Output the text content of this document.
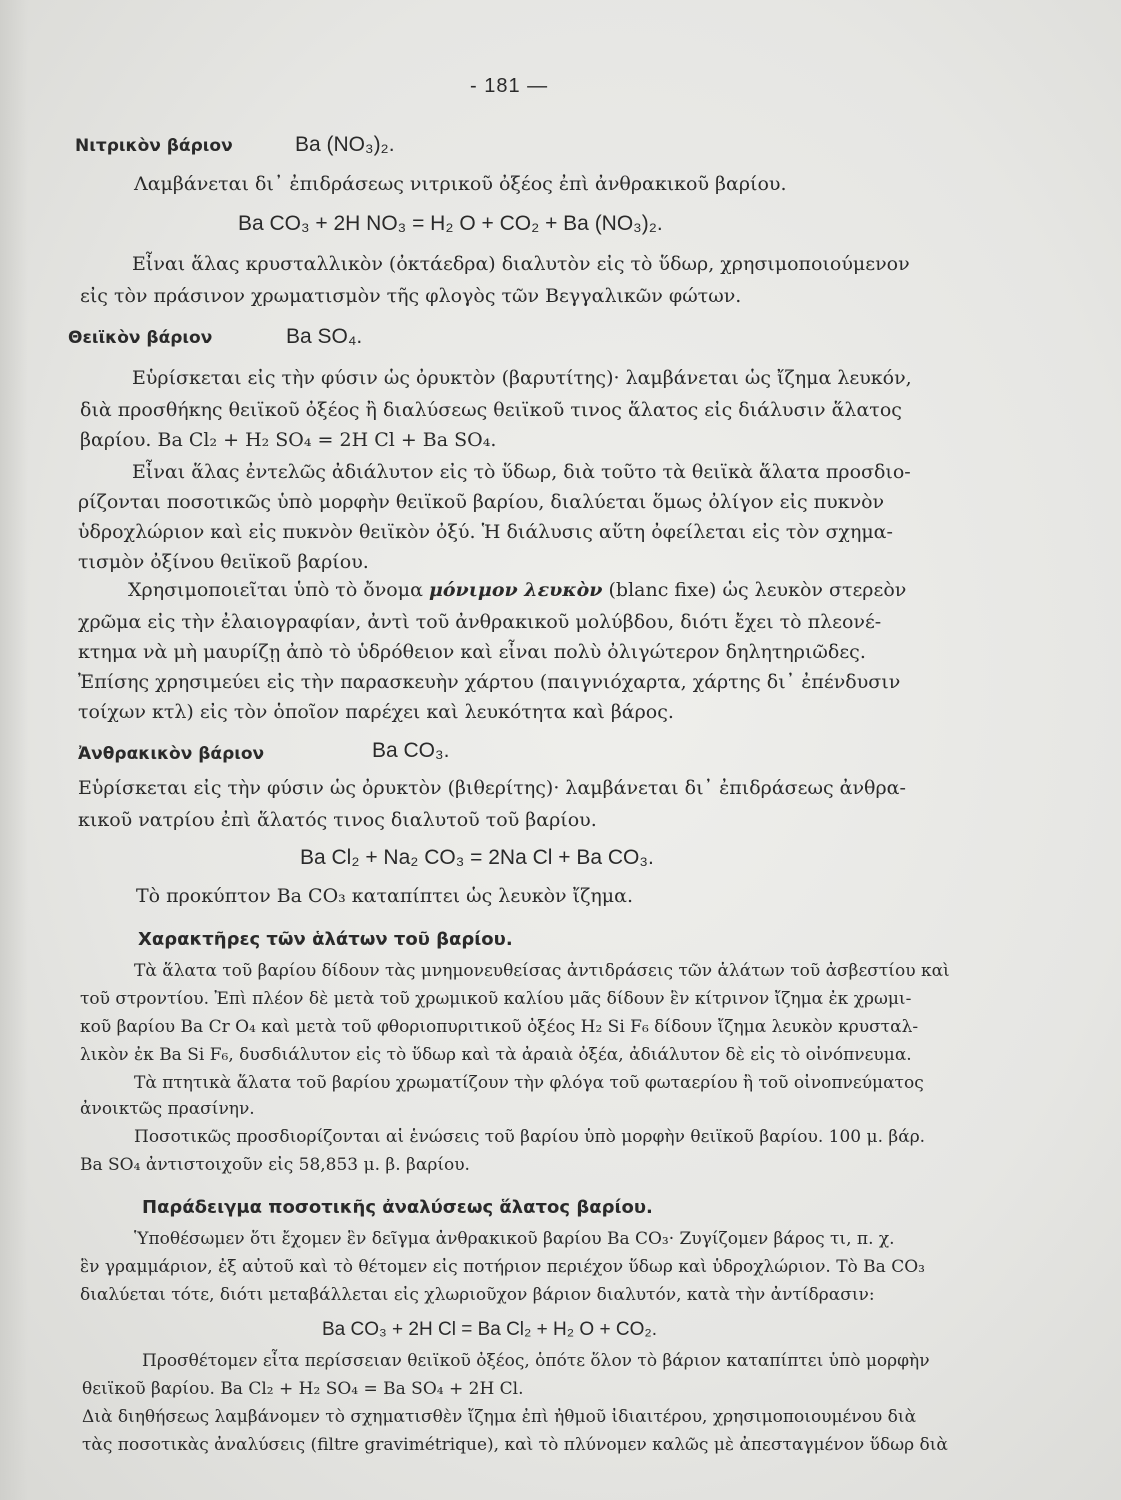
- 181 —
Νιτρικὸν βάριον	Ba (NO₃)₂.
Λαμβάνεται δι᾽ ἐπιδράσεως νιτρικοῦ ὀξέος ἐπὶ ἀνθρακικοῦ βαρίου.
Ba CO₃ + 2H NO₃ = H₂ O + CO₂ + Ba (NO₃)₂.
Εἶναι ἅλας κρυσταλλικὸν (ὀκτάεδρα) διαλυτὸν εἰς τὸ ὕδωρ, χρησιμοποιούμενον
εἰς τὸν πράσινον χρωματισμὸν τῆς φλογὸς τῶν Βεγγαλικῶν φώτων.
Θειϊκὸν βάριον	Ba SO₄.
Εὑρίσκεται εἰς τὴν φύσιν ὡς ὀρυκτὸν (βαρυτίτης)· λαμβάνεται ὡς ἴζημα λευκόν,
διὰ προσθήκης θειϊκοῦ ὀξέος ἢ διαλύσεως θειϊκοῦ τινος ἅλατος εἰς διάλυσιν ἅλατος
βαρίου. Ba Cl₂ + H₂ SO₄ = 2H Cl + Ba SO₄.
Εἶναι ἅλας ἐντελῶς ἀδιάλυτον εἰς τὸ ὕδωρ, διὰ τοῦτο τὰ θειϊκὰ ἅλατα προσδιο-
ρίζονται ποσοτικῶς ὑπὸ μορφὴν θειϊκοῦ βαρίου, διαλύεται ὅμως ὀλίγον εἰς πυκνὸν
ὑδροχλώριον καὶ εἰς πυκνὸν θειϊκὸν ὀξύ. Ἡ διάλυσις αὕτη ὀφείλεται εἰς τὸν σχημα-
τισμὸν ὀξίνου θειϊκοῦ βαρίου.
Χρησιμοποιεῖται ὑπὸ τὸ ὄνομα μόνιμον λευκὸν (blanc fixe) ὡς λευκὸν στερεὸν
χρῶμα εἰς τὴν ἐλαιογραφίαν, ἀντὶ τοῦ ἀνθρακικοῦ μολύβδου, διότι ἔχει τὸ πλεονέ-
κτημα νὰ μὴ μαυρίζῃ ἀπὸ τὸ ὑδρόθειον καὶ εἶναι πολὺ ὀλιγώτερον δηλητηριῶδες.
Ἐπίσης χρησιμεύει εἰς τὴν παρασκευὴν χάρτου (παιγνιόχαρτα, χάρτης δι᾽ ἐπένδυσιν
τοίχων κτλ) εἰς τὸν ὁποῖον παρέχει καὶ λευκότητα καὶ βάρος.
Ἀνθρακικὸν βάριον	Ba CO₃.
Εὑρίσκεται εἰς τὴν φύσιν ὡς ὀρυκτὸν (βιθερίτης)· λαμβάνεται δι᾽ ἐπιδράσεως ἀνθρα-
κικοῦ νατρίου ἐπὶ ἅλατός τινος διαλυτοῦ τοῦ βαρίου.
Ba Cl₂ + Na₂ CO₃ = 2Na Cl + Ba CO₃.
Τὸ προκύπτον Ba CO₃ καταπίπτει ὡς λευκὸν ἴζημα.
Χαρακτῆρες τῶν ἁλάτων τοῦ βαρίου.
Τὰ ἅλατα τοῦ βαρίου δίδουν τὰς μνημονευθείσας ἀντιδράσεις τῶν ἁλάτων τοῦ ἀσβεστίου καὶ
τοῦ στροντίου. Ἐπὶ πλέον δὲ μετὰ τοῦ χρωμικοῦ καλίου μᾶς δίδουν ἓν κίτρινον ἴζημα ἐκ χρωμι-
κοῦ βαρίου Ba Cr O₄ καὶ μετὰ τοῦ φθοριοπυριτικοῦ ὀξέος H₂ Si F₆ δίδουν ἴζημα λευκὸν κρυσταλ-
λικὸν ἐκ Ba Si F₆, δυσδιάλυτον εἰς τὸ ὕδωρ καὶ τὰ ἀραιὰ ὀξέα, ἀδιάλυτον δὲ εἰς τὸ οἰνόπνευμα.
Τὰ πτητικὰ ἅλατα τοῦ βαρίου χρωματίζουν τὴν φλόγα τοῦ φωταερίου ἢ τοῦ οἰνοπνεύματος
ἀνοικτῶς πρασίνην.
Ποσοτικῶς προσδιορίζονται αἱ ἑνώσεις τοῦ βαρίου ὑπὸ μορφὴν θειϊκοῦ βαρίου. 100 μ. βάρ.
Ba SO₄ ἀντιστοιχοῦν εἰς 58,853 μ. β. βαρίου.
Παράδειγμα ποσοτικῆς ἀναλύσεως ἅλατος βαρίου.
Ὑποθέσωμεν ὅτι ἔχομεν ἓν δεῖγμα ἀνθρακικοῦ βαρίου Ba CO₃· Ζυγίζομεν βάρος τι, π. χ.
ἓν γραμμάριον, ἐξ αὐτοῦ καὶ τὸ θέτομεν εἰς ποτήριον περιέχον ὕδωρ καὶ ὑδροχλώριον. Τὸ Ba CO₃
διαλύεται τότε, διότι μεταβάλλεται εἰς χλωριοῦχον βάριον διαλυτόν, κατὰ τὴν ἀντίδρασιν:
Ba CO₃ + 2H Cl = Ba Cl₂ + H₂ O + CO₂.
Προσθέτομεν εἶτα περίσσειαν θειϊκοῦ ὀξέος, ὁπότε ὅλον τὸ βάριον καταπίπτει ὑπὸ μορφὴν
θειϊκοῦ βαρίου. Ba Cl₂ + H₂ SO₄ = Ba SO₄ + 2H Cl.
Διὰ διηθήσεως λαμβάνομεν τὸ σχηματισθὲν ἴζημα ἐπὶ ἠθμοῦ ἰδιαιτέρου, χρησιμοποιουμένου διὰ
τὰς ποσοτικὰς ἀναλύσεις (filtre gravimétrique), καὶ τὸ πλύνομεν καλῶς μὲ ἀπεσταγμένον ὕδωρ διὰ
